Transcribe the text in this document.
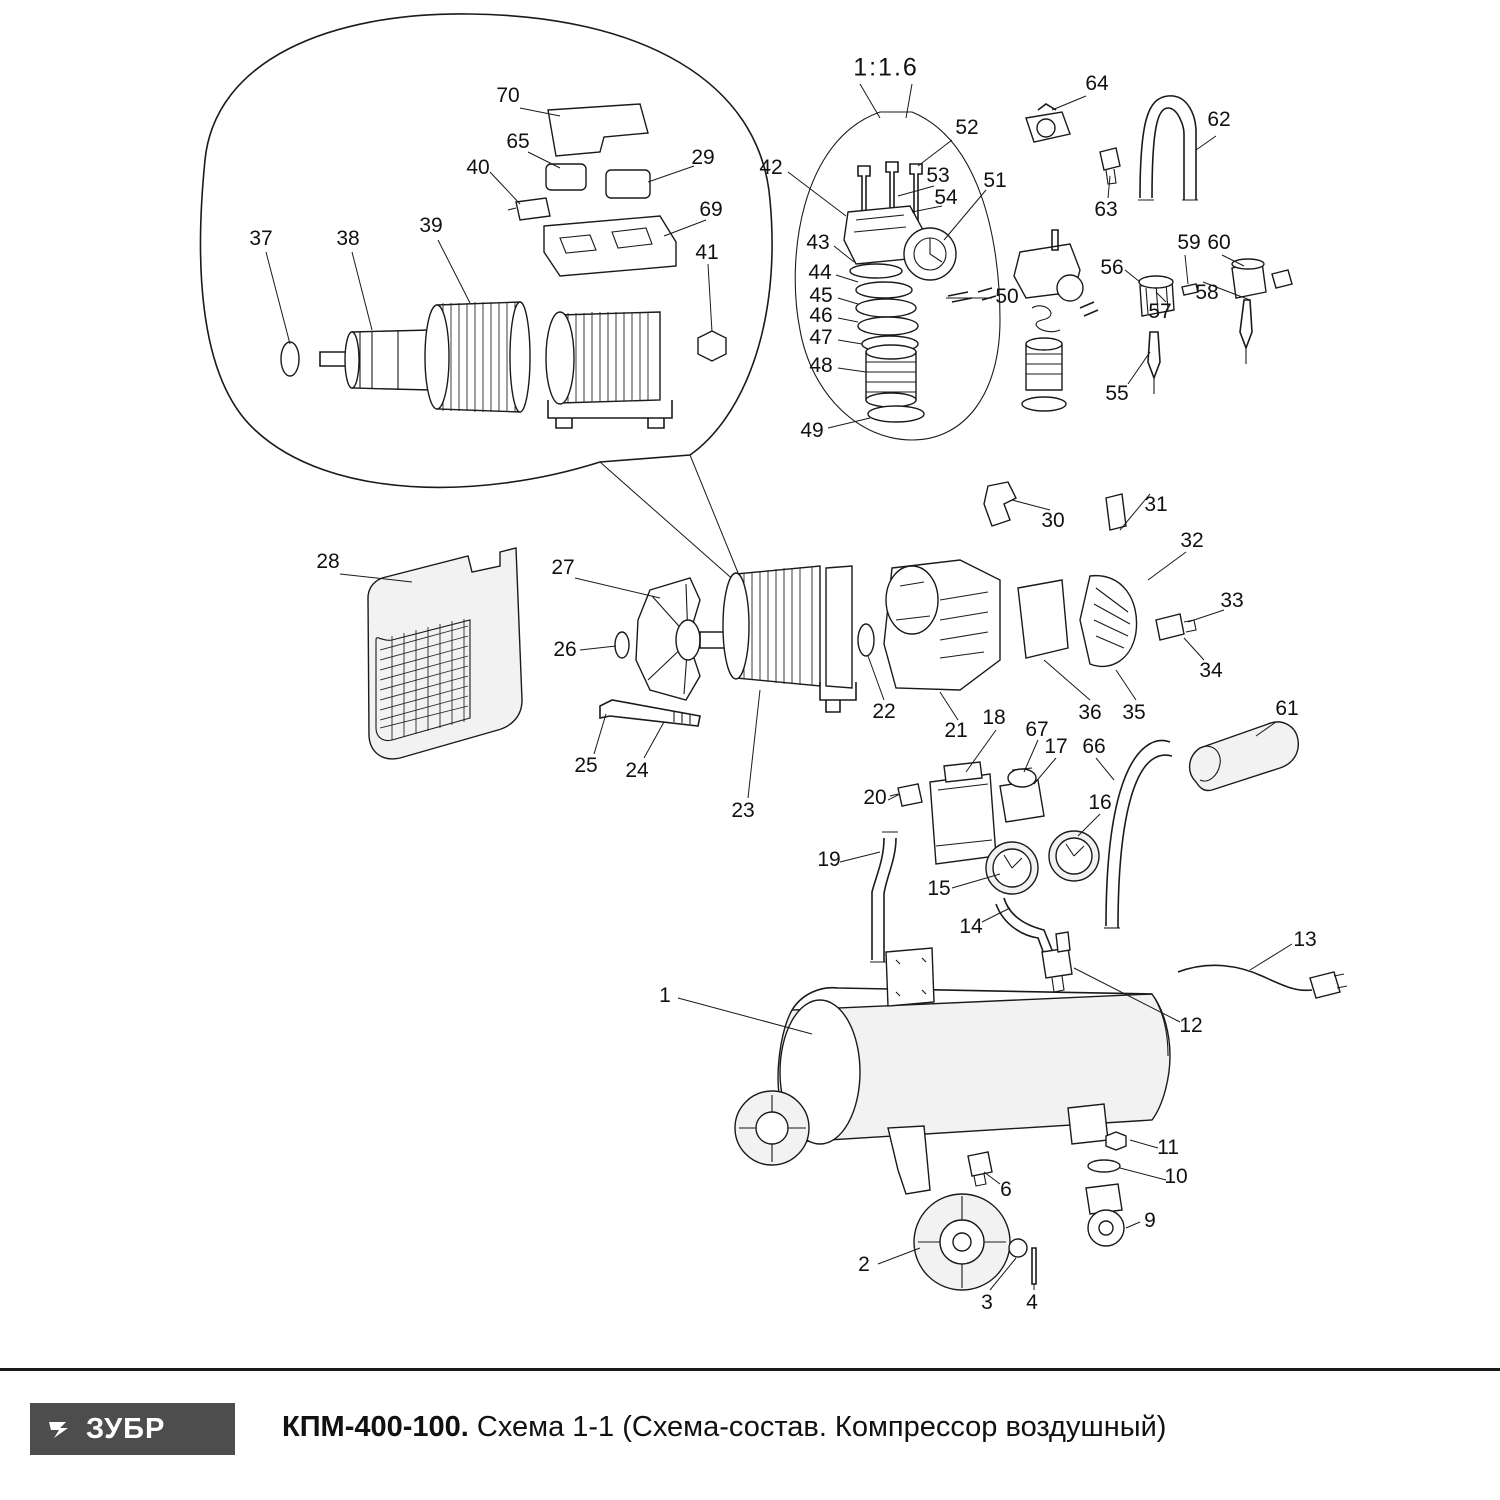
70
65
40	29
69
37	38
39
41
1:1.6
64
62
52
53
54
51
42
63
43
44
45
46
47
48
50
49
59 60
56
58
57
55
30
31
32
33
34
28	27
26
25 24
23
22
21
36 35
18
67
17 66
16
61
20
19
15
14
13
12
1
11
10
9
6
2
3 4
ЗУБР	КПМ-400-100. Схема 1-1 (Схема-состав. Компрессор воздушный)
